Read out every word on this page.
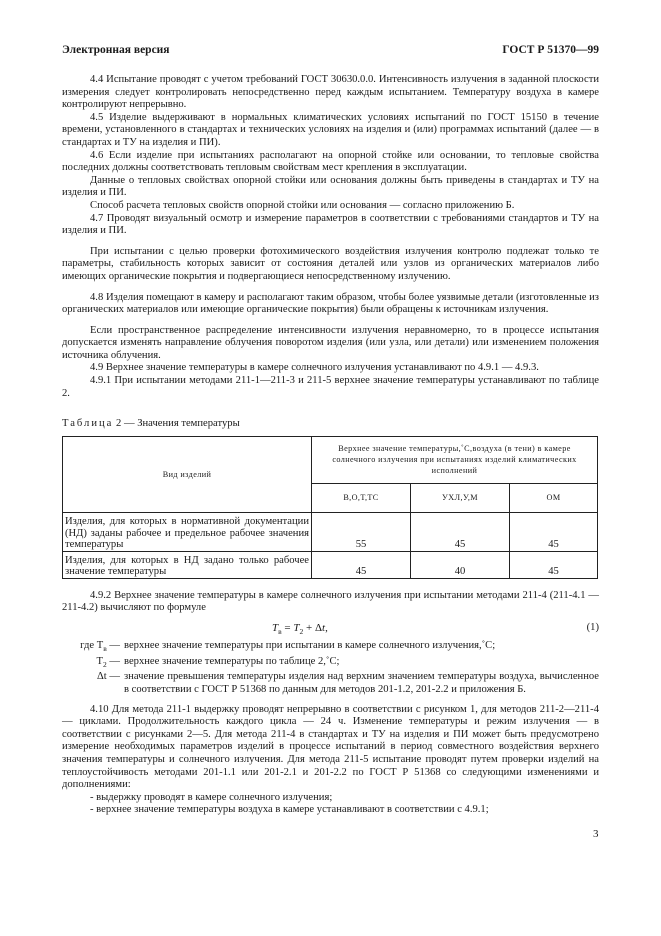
Электронная версия	ГОСТ Р 51370—99

4.4 Испытание проводят с учетом требований ГОСТ 30630.0.0. Интенсивность излучения в заданной плоскости измерения следует контролировать непосредственно перед каждым испытанием. Температуру воздуха в камере контролируют непрерывно.

4.5 Изделие выдерживают в нормальных климатических условиях испытаний по ГОСТ 15150 в течение времени, установленного в стандартах и технических условиях на изделия и (или) программах испытаний (далее — в стандартах и ТУ на изделия и ПИ).

4.6 Если изделие при испытаниях располагают на опорной стойке или основании, то тепловые свойства последних должны соответствовать тепловым свойствам мест крепления в эксплуатации.

Данные о тепловых свойствах опорной стойки или основания должны быть приведены в стандартах и ТУ на изделия и ПИ.

Способ расчета тепловых свойств опорной стойки или основания — согласно приложению Б.

4.7 Проводят визуальный осмотр и измерение параметров в соответствии с требованиями стандартов и ТУ на изделия и ПИ.

При испытании с целью проверки фотохимического воздействия излучения контролю подлежат только те параметры, стабильность которых зависит от состояния деталей или узлов из органических материалов либо имеющих органические покрытия и подвергающиеся непосредственному излучению.

4.8 Изделия помещают в камеру и располагают таким образом, чтобы более уязвимые детали (изготовленные из органических материалов или имеющие органические покрытия) были обращены к источникам излучения.

Если пространственное распределение интенсивности излучения неравномерно, то в процессе испытания допускается изменять направление облучения поворотом изделия (или узла, или детали) или изменением положения источника облучения.

4.9 Верхнее значение температуры в камере солнечного излучения устанавливают по 4.9.1 — 4.9.3.

4.9.1 При испытании методами 211-1—211-3 и 211-5 верхнее значение температуры устанавливают по таблице 2.

Таблица 2 — Значения температуры
Вид изделий	Верхнее значение температуры,˚С,воздуха (в тени) в камере солнечного излучения при испытаниях изделий климатических исполнений		
	В,О,Т,ТС	УХЛ,У,М	ОМ
Изделия, для которых в нормативной документации (НД) заданы рабочее и предельное рабочее значения температуры	55	45	45
Изделия, для которых в НД задано только рабочее значение температуры	45	40	45

4.9.2 Верхнее значение температуры в камере солнечного излучения при испытании методами 211-4 (211-4.1 — 211-4.2) вычисляют по формуле

$T_в = T_2 + \Delta t$,	(1)
где $T_в$ — верхнее значение температуры при испытании в камере солнечного излучения,˚С;
$T_2$ — верхнее значение температуры по таблице 2,˚С;
Δt — значение превышения температуры изделия над верхним значением температуры воздуха, вычисленное в соответствии с ГОСТ Р 51368 по данным для методов 201-1.2, 201-2.2 и приложения Б.

4.10 Для метода 211-1 выдержку проводят непрерывно в соответствии с рисунком 1, для методов 211-2—211-4 — циклами. Продолжительность каждого цикла — 24 ч. Изменение температуры и режим излучения — в соответствии с рисунками 2—5. Для метода 211-4 в стандартах и ТУ на изделия и ПИ может быть предусмотрено измерение необходимых параметров изделий в процессе испытаний в период совместного воздействия верхнего значения температуры и солнечного излучения. Для метода 211-5 испытание проводят путем проверки изделий на теплоустойчивость методами 201-1.1 или 201-2.1 и 201-2.2 по ГОСТ Р 51368 со следующими изменениями и дополнениями:

- выдержку проводят в камере солнечного излучения;

- верхнее значение температуры воздуха в камере устанавливают в соответствии с 4.9.1;

3
